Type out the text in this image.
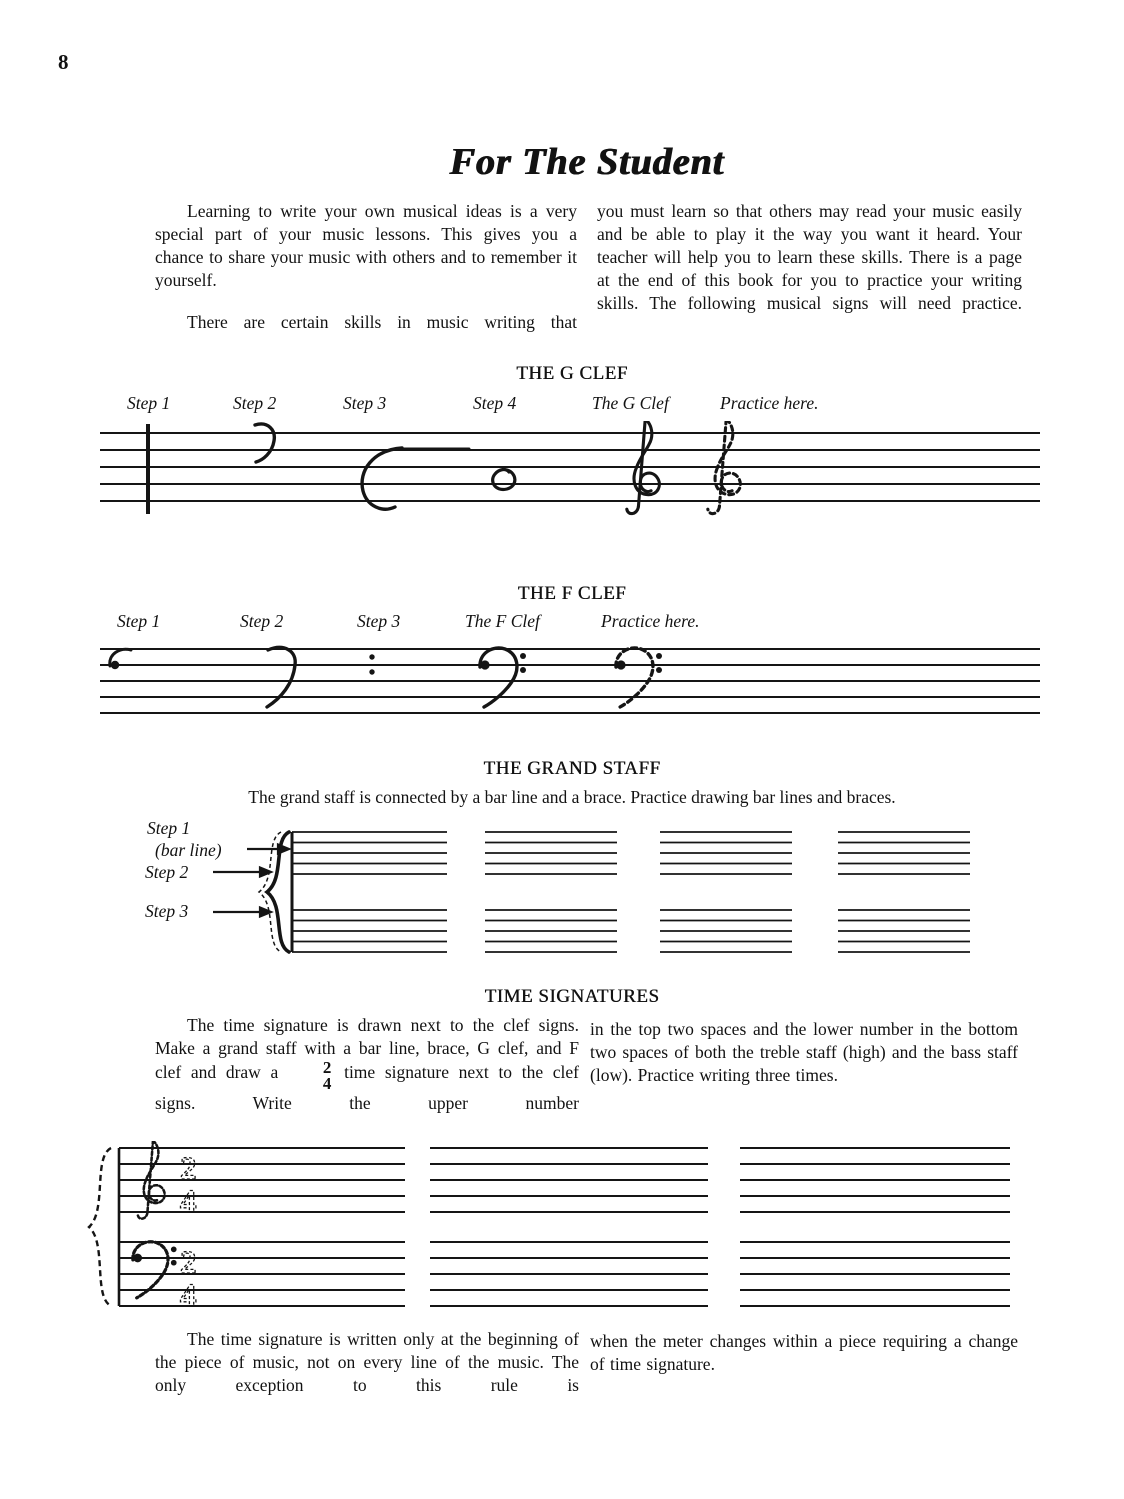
8
For The Student

Learning to write your own musical ideas is a very special part of your music lessons. This gives you a chance to share your music with others and to remember it yourself.

There are certain skills in music writing that

you must learn so that others may read your music easily and be able to play it the way you want it heard. Your teacher will help you to learn these skills. There is a page at the end of this book for you to practice your writing skills. The following musical signs will need practice.

THE G CLEF
Step 1	Step 2	Step 3	Step 4	The G Clef	Practice here.
THE F CLEF
Step 1	Step 2	Step 3	The F Clef	Practice here.
THE GRAND STAFF
The grand staff is connected by a bar line and a brace. Practice drawing bar lines and braces.
Step 1
(bar line)
Step 2
Step 3
TIME SIGNATURES

The time signature is drawn next to the clef signs. Make a grand staff with a bar line, brace, G clef, and F clef and draw a	2
4
time signature next to the clef signs. Write the upper number

in the top two spaces and the lower number in the bottom two spaces of both the treble staff (high) and the bass staff (low). Practice writing three times.

2
4
2
4

The time signature is written only at the beginning of the piece of music, not on every line of the music. The only exception to this rule is

when the meter changes within a piece requiring a change of time signature.
